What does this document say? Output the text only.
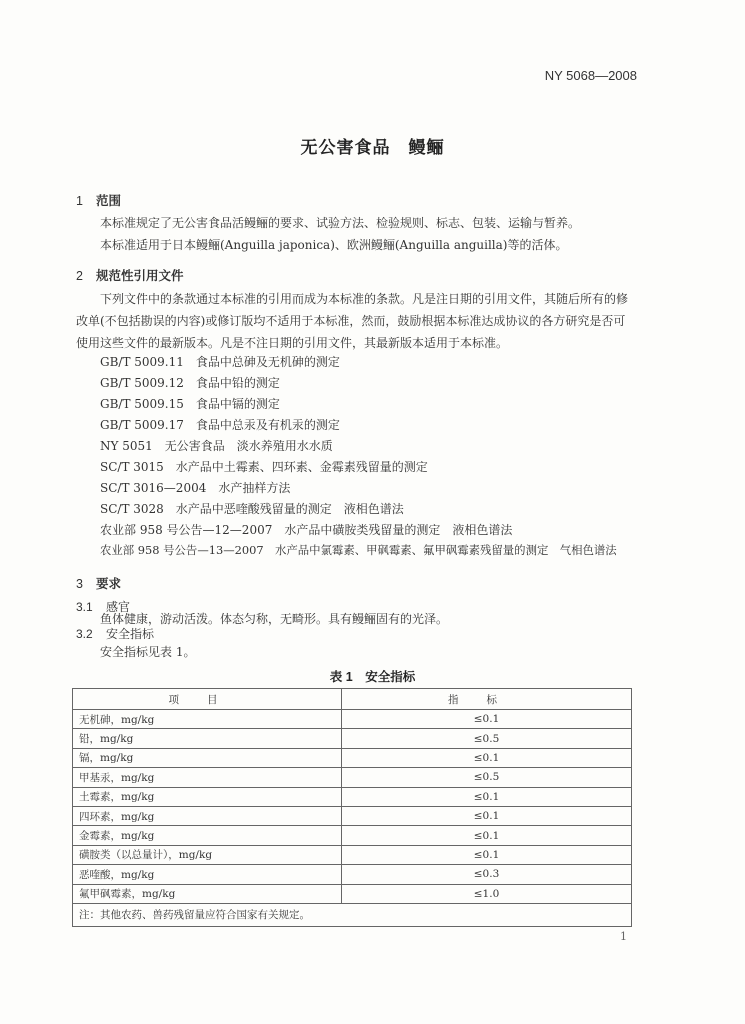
NY 5068—2008
无公害食品　鳗鲡
1 范围
本标准规定了无公害食品活鳗鲡的要求、试验方法、检验规则、标志、包装、运输与暂养。
本标准适用于日本鳗鲡(Anguilla japonica)、欧洲鳗鲡(Anguilla anguilla)等的活体。
2 规范性引用文件
下列文件中的条款通过本标准的引用而成为本标准的条款。凡是注日期的引用文件，其随后所有的修改单(不包括勘误的内容)或修订版均不适用于本标准，然而，鼓励根据本标准达成协议的各方研究是否可使用这些文件的最新版本。凡是不注日期的引用文件，其最新版本适用于本标准。
GB/T 5009.11　食品中总砷及无机砷的测定
GB/T 5009.12　食品中铅的测定
GB/T 5009.15　食品中镉的测定
GB/T 5009.17　食品中总汞及有机汞的测定
NY 5051　无公害食品　淡水养殖用水水质
SC/T 3015　水产品中土霉素、四环素、金霉素残留量的测定
SC/T 3016—2004　水产抽样方法
SC/T 3028　水产品中恶喹酸残留量的测定　液相色谱法
农业部 958 号公告—12—2007　水产品中磺胺类残留量的测定　液相色谱法
农业部 958 号公告—13—2007　水产品中氯霉素、甲砜霉素、氟甲砜霉素残留量的测定　气相色谱法
3 要求
3.1 感官
鱼体健康，游动活泼。体态匀称，无畸形。具有鳗鲡固有的光泽。
3.2 安全指标
安全指标见表 1。
表 1　安全指标
项目	指标
无机砷，mg/kg	≤0.1
铅，mg/kg	≤0.5
镉，mg/kg	≤0.1
甲基汞，mg/kg	≤0.5
土霉素，mg/kg	≤0.1
四环素，mg/kg	≤0.1
金霉素，mg/kg	≤0.1
磺胺类（以总量计），mg/kg	≤0.1
恶喹酸，mg/kg	≤0.3
氟甲砜霉素，mg/kg	≤1.0
注：其他农药、兽药残留量应符合国家有关规定。	
1
